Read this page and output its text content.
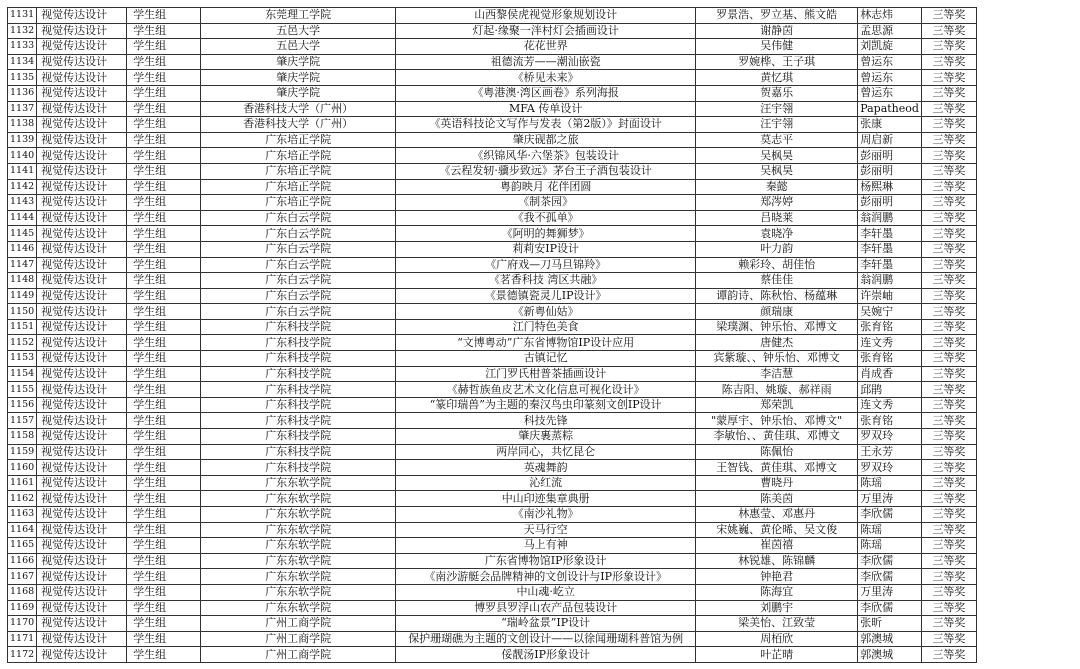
1131	视觉传达设计	学生组	东莞理工学院	山西黎侯虎视觉形象规划设计	罗景浩、罗立基、熊文皓	林志炜	三等奖
1132	视觉传达设计	学生组	五邑大学	灯起·缘聚一泮村灯会插画设计	谢静茵	孟思源	三等奖
1133	视觉传达设计	学生组	五邑大学	花花世界	吴伟健	刘凯旋	三等奖
1134	视觉传达设计	学生组	肇庆学院	祖德流芳——潮汕嵌瓷	罗婉桦、王子琪	曾运东	三等奖
1135	视觉传达设计	学生组	肇庆学院	《桥见未来》	黄忆琪	曾运东	三等奖
1136	视觉传达设计	学生组	肇庆学院	《粤港澳·湾区画卷》系列海报	贺嘉乐	曾运东	三等奖
1137	视觉传达设计	学生组	香港科技大学（广州）	MFA 传单设计	汪宇翎	Papatheod	三等奖
1138	视觉传达设计	学生组	香港科技大学（广州）	《英语科技论文写作与发表（第2版）》封面设计	汪宇翎	张康	三等奖
1139	视觉传达设计	学生组	广东培正学院	肇庆砚都之旅	莫志平	周启新	三等奖
1140	视觉传达设计	学生组	广东培正学院	《织锦风华·六堡茶》包装设计	吴枫昊	彭丽明	三等奖
1141	视觉传达设计	学生组	广东培正学院	《云程发轫·骥步致远》茅台王子酒包装设计	吴枫昊	彭丽明	三等奖
1142	视觉传达设计	学生组	广东培正学院	粤韵映月 花伴团圆	秦懿	杨熙琳	三等奖
1143	视觉传达设计	学生组	广东培正学院	《制茶园》	郑涔婷	彭丽明	三等奖
1144	视觉传达设计	学生组	广东白云学院	《我不孤单》	吕晓莱	翁润鹏	三等奖
1145	视觉传达设计	学生组	广东白云学院	《阿明的舞狮梦》	袁晓净	李轩墨	三等奖
1146	视觉传达设计	学生组	广东白云学院	莉莉安IP设计	叶力韵	李轩墨	三等奖
1147	视觉传达设计	学生组	广东白云学院	《广府戏—刀马旦锦羚》	赖彩玲、胡佳怡	李轩墨	三等奖
1148	视觉传达设计	学生组	广东白云学院	《茗香科技 湾区共融》	蔡佳佳	翁润鹏	三等奖
1149	视觉传达设计	学生组	广东白云学院	《景德镇瓷灵儿IP设计》	谭韵诗、陈秋怡、杨蕴琳	许崇岫	三等奖
1150	视觉传达设计	学生组	广东白云学院	《新粤仙姑》	颜瑞康	吴婉宁	三等奖
1151	视觉传达设计	学生组	广东科技学院	江门特色美食	梁璞渊、钟乐怡、邓博文	张育铭	三等奖
1152	视觉传达设计	学生组	广东科技学院	“文博粤动”广东省博物馆IP设计应用	唐健杰	连文秀	三等奖
1153	视觉传达设计	学生组	广东科技学院	古镇记忆	宾紫璇、、钟乐怡、邓博文	张育铭	三等奖
1154	视觉传达设计	学生组	广东科技学院	江门罗氏柑普茶插画设计	李洁慧	肖成香	三等奖
1155	视觉传达设计	学生组	广东科技学院	《赫哲族鱼皮艺术文化信息可视化设计》	陈吉阳、姚璇、郝祥雨	邱鹃	三等奖
1156	视觉传达设计	学生组	广东科技学院	“篆印瑞兽”为主题的秦汉鸟虫印篆刻文创IP设计	郑荣凯	连文秀	三等奖
1157	视觉传达设计	学生组	广东科技学院	科技先锋	"蒙厚宇、钟乐怡、邓博文"	张育铭	三等奖
1158	视觉传达设计	学生组	广东科技学院	肇庆裹蒸粽	李敏怡、、黄佳琪、邓博文	罗双玲	三等奖
1159	视觉传达设计	学生组	广东科技学院	两岸同心，共忆昆仑	陈佩怡	王永芳	三等奖
1160	视觉传达设计	学生组	广东科技学院	英魂舞韵	王智钱、黄佳琪、邓博文	罗双玲	三等奖
1161	视觉传达设计	学生组	广东东软学院	沁红流	曹晓丹	陈瑶	三等奖
1162	视觉传达设计	学生组	广东东软学院	中山印迹集章典册	陈美茵	万里涛	三等奖
1163	视觉传达设计	学生组	广东东软学院	《南沙礼物》	林惠莹、邓惠丹	李欣儒	三等奖
1164	视觉传达设计	学生组	广东东软学院	天马行空	宋姚巍、黄伦晞、吴文俊	陈瑶	三等奖
1165	视觉传达设计	学生组	广东东软学院	马上有神	崔茵禧	陈瑶	三等奖
1166	视觉传达设计	学生组	广东东软学院	广东省博物馆IP形象设计	林锐雄、陈锦麟	李欣儒	三等奖
1167	视觉传达设计	学生组	广东东软学院	《南沙游艇会品牌精神的文创设计与IP形象设计》	钟艳君	李欣儒	三等奖
1168	视觉传达设计	学生组	广东东软学院	中山魂·屹立	陈海宜	万里涛	三等奖
1169	视觉传达设计	学生组	广东东软学院	博罗县罗浮山农产品包装设计	刘鹏宇	李欣儒	三等奖
1170	视觉传达设计	学生组	广州工商学院	“瑞岭盆景”IP设计	梁美怡、江致莹	张昕	三等奖
1171	视觉传达设计	学生组	广州工商学院	保护珊瑚礁为主题的文创设计——以徐闻珊瑚科普馆为例	周栢欣	郭澳城	三等奖
1172	视觉传达设计	学生组	广州工商学院	俀靓汤IP形象设计	叶芷晴	郭澳城	三等奖
